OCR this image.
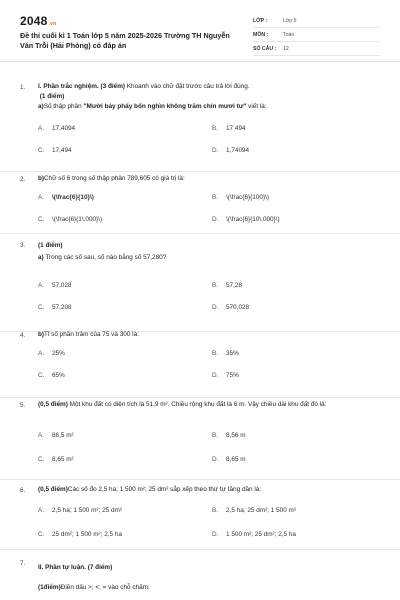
2048.vn
Đề thi cuối kì 1 Toán lớp 5 năm 2025-2026 Trường TH Nguyễn Văn Trỗi (Hải Phòng) có đáp án
LỚP :	Lớp 5
MÔN :	Toán
SỐ CÂU :	12
1. I. Phần trắc nghiệm. (3 điểm) Khoanh vào chữ đặt trước câu trả lời đúng.
(1 điểm)
a)Số thập phân "Mười bảy phẩy bốn nghìn không trăm chín mươi tư" viết là:
A.	17,4094	B.	17 494
C.	17,494	D.	1,74094
2. b)Chữ số 6 trong số thập phân 789,605 có giá trị là:
A.	\(\frac{6}{10}\)	B.	\(\frac{6}{100}\)
C.	\(\frac{6}{1\,000}\)	D.	\(\frac{6}{10\,000}\)
3. (1 điểm)
a) Trong các số sau, số nào bằng số 57,280?
A.	57,028	B.	57,28
C.	57,208	D.	570,028
4. b)Tỉ số phần trăm của 75 và 300 là:
A.	25%	B.	35%
C.	65%	D.	75%
5. (0,5 điểm) Một khu đất có diện tích là 51,9 m². Chiều rộng khu đất là 6 m. Vậy chiều dài khu đất đó là:
A.	86,5 m²	B.	8,56 m
C.	8,65 m²	D.	8,65 m
6. (0,5 điểm)Các số đo 2,5 ha; 1 500 m²; 25 dm² sắp xếp theo thứ tự tăng dần là:
A.	2,5 ha; 1 500 m²; 25 dm²	B.	2,5 ha; 25 dm²; 1 500 m²
C.	25 dm²; 1 500 m²; 2,5 ha	D.	1 500 m²; 25 dm²; 2,5 ha
7.
II. Phần tự luận. (7 điểm)
(1điểm)Điền dấu >; <; = vào chỗ chấm:
